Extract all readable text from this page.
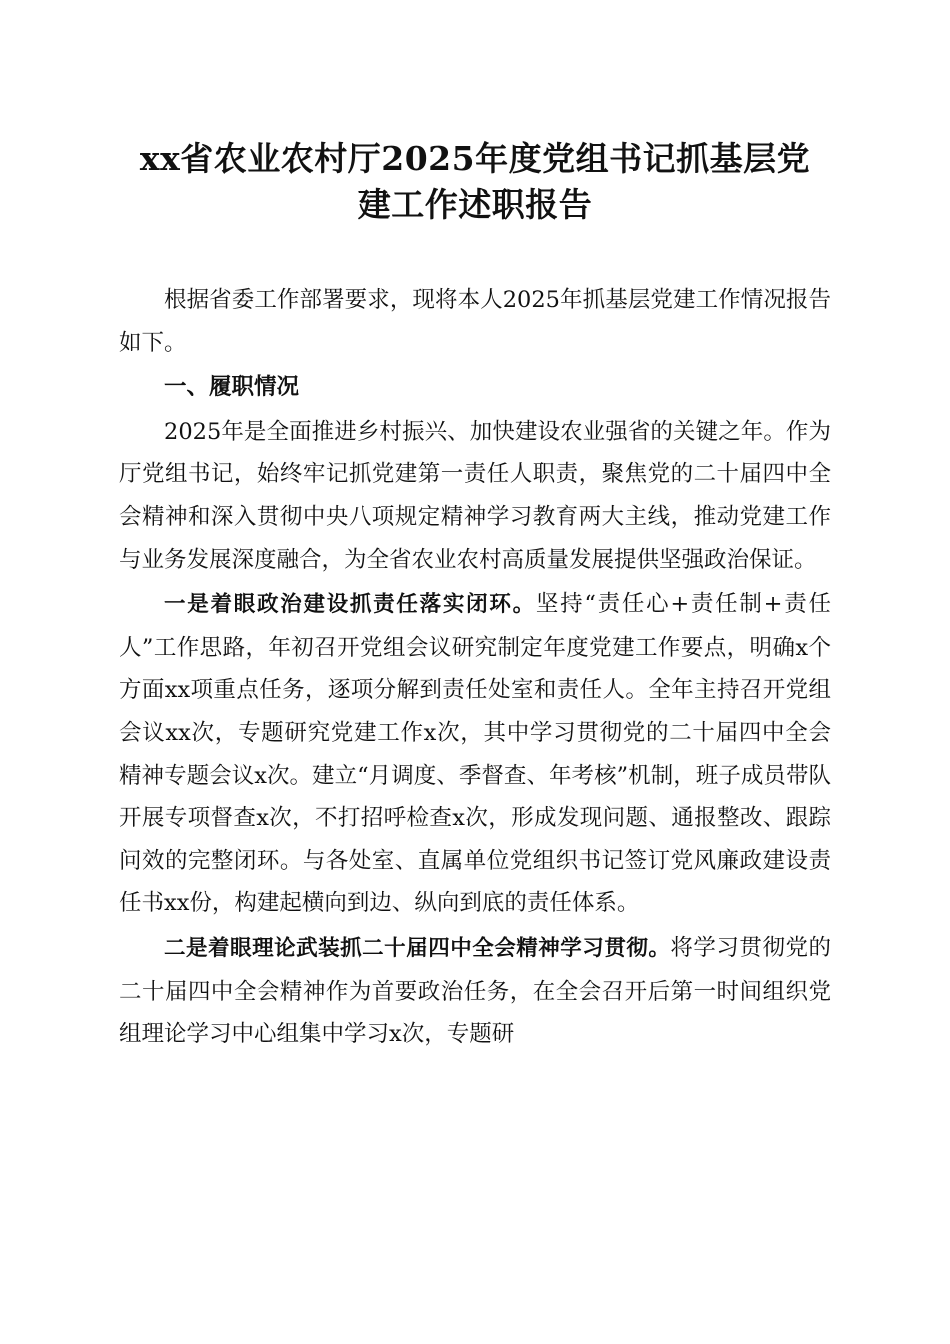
xx省农业农村厅2025年度党组书记抓基层党
建工作述职报告

根据省委工作部署要求，现将本人2025年抓基层党建工作情况报告如下。

一、履职情况

2025年是全面推进乡村振兴、加快建设农业强省的关键之年。作为厅党组书记，始终牢记抓党建第一责任人职责，聚焦党的二十届四中全会精神和深入贯彻中央八项规定精神学习教育两大主线，推动党建工作与业务发展深度融合，为全省农业农村高质量发展提供坚强政治保证。

一是着眼政治建设抓责任落实闭环。坚持“责任心+责任制+责任人”工作思路，年初召开党组会议研究制定年度党建工作要点，明确x个方面xx项重点任务，逐项分解到责任处室和责任人。全年主持召开党组会议xx次，专题研究党建工作x次，其中学习贯彻党的二十届四中全会精神专题会议x次。建立“月调度、季督查、年考核”机制，班子成员带队开展专项督查x次，不打招呼检查x次，形成发现问题、通报整改、跟踪问效的完整闭环。与各处室、直属单位党组织书记签订党风廉政建设责任书xx份，构建起横向到边、纵向到底的责任体系。

二是着眼理论武装抓二十届四中全会精神学习贯彻。将学习贯彻党的二十届四中全会精神作为首要政治任务，在全会召开后第一时间组织党组理论学习中心组集中学习x次，专题研
